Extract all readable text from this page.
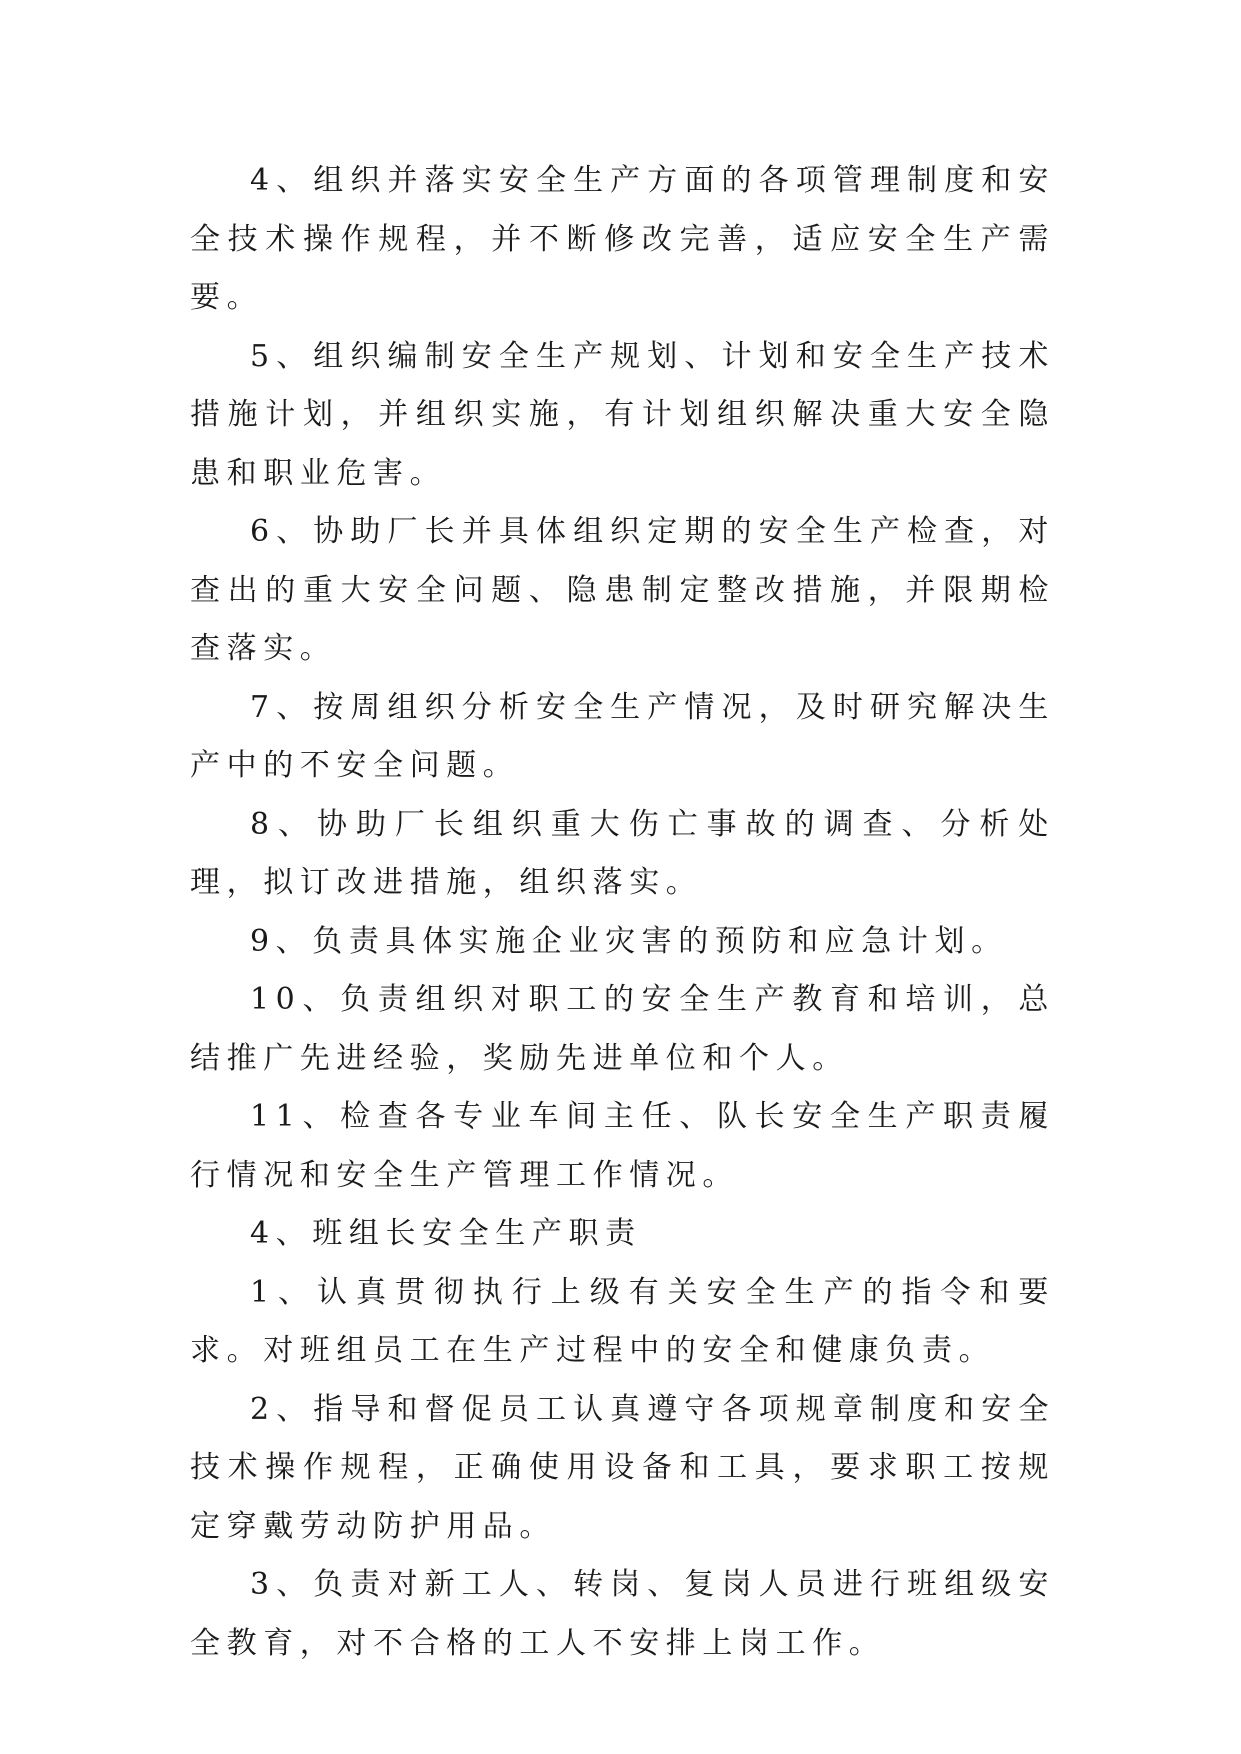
4、组织并落实安全生产方面的各项管理制度和安全技术操作规程，并不断修改完善，适应安全生产需要。

5、组织编制安全生产规划、计划和安全生产技术措施计划，并组织实施，有计划组织解决重大安全隐患和职业危害。

6、协助厂长并具体组织定期的安全生产检查，对查出的重大安全问题、隐患制定整改措施，并限期检查落实。

7、按周组织分析安全生产情况，及时研究解决生产中的不安全问题。

8、协助厂长组织重大伤亡事故的调查、分析处理，拟订改进措施，组织落实。

9、负责具体实施企业灾害的预防和应急计划。

10、负责组织对职工的安全生产教育和培训，总结推广先进经验，奖励先进单位和个人。

11、检查各专业车间主任、队长安全生产职责履行情况和安全生产管理工作情况。

4、班组长安全生产职责

1、认真贯彻执行上级有关安全生产的指令和要求。对班组员工在生产过程中的安全和健康负责。

2、指导和督促员工认真遵守各项规章制度和安全技术操作规程，正确使用设备和工具，要求职工按规定穿戴劳动防护用品。

3、负责对新工人、转岗、复岗人员进行班组级安全教育，对不合格的工人不安排上岗工作。
